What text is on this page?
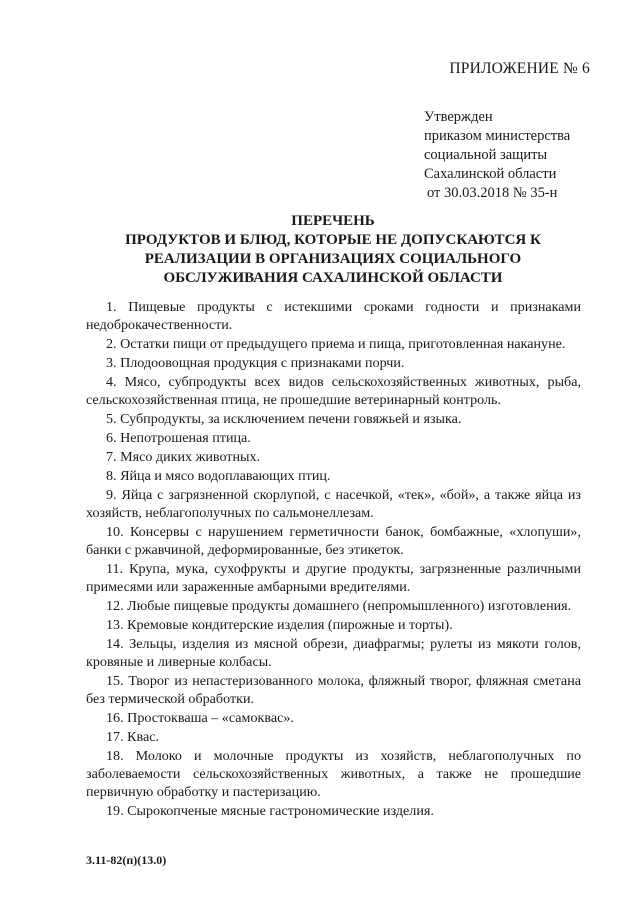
ПРИЛОЖЕНИЕ № 6
Утвержден
приказом министерства
социальной защиты
Сахалинской области
от 30.03.2018 № 35-н
ПЕРЕЧЕНЬ
ПРОДУКТОВ И БЛЮД, КОТОРЫЕ НЕ ДОПУСКАЮТСЯ К
РЕАЛИЗАЦИИ В ОРГАНИЗАЦИЯХ СОЦИАЛЬНОГО
ОБСЛУЖИВАНИЯ САХАЛИНСКОЙ ОБЛАСТИ

1. Пищевые продукты с истекшими сроками годности и признаками недоброкачественности.

2. Остатки пищи от предыдущего приема и пища, приготовленная накануне.

3. Плодоовощная продукция с признаками порчи.

4. Мясо, субпродукты всех видов сельскохозяйственных животных, рыба, сельскохозяйственная птица, не прошедшие ветеринарный контроль.

5. Субпродукты, за исключением печени говяжьей и языка.

6. Непотрошеная птица.

7. Мясо диких животных.

8. Яйца и мясо водоплавающих птиц.

9. Яйца с загрязненной скорлупой, с насечкой, «тек», «бой», а также яйца из хозяйств, неблагополучных по сальмонеллезам.

10. Консервы с нарушением герметичности банок, бомбажные, «хлопуши», банки с ржавчиной, деформированные, без этикеток.

11. Крупа, мука, сухофрукты и другие продукты, загрязненные различными примесями или зараженные амбарными вредителями.

12. Любые пищевые продукты домашнего (непромышленного) изготовления.

13. Кремовые кондитерские изделия (пирожные и торты).

14. Зельцы, изделия из мясной обрези, диафрагмы; рулеты из мякоти голов, кровяные и ливерные колбасы.

15. Творог из непастеризованного молока, фляжный творог, фляжная сметана без термической обработки.

16. Простокваша – «самоквас».

17. Квас.

18. Молоко и молочные продукты из хозяйств, неблагополучных по заболеваемости сельскохозяйственных животных, а также не прошедшие первичную обработку и пастеризацию.

19. Сырокопченые мясные гастрономические изделия.

3.11-82(п)(13.0)
